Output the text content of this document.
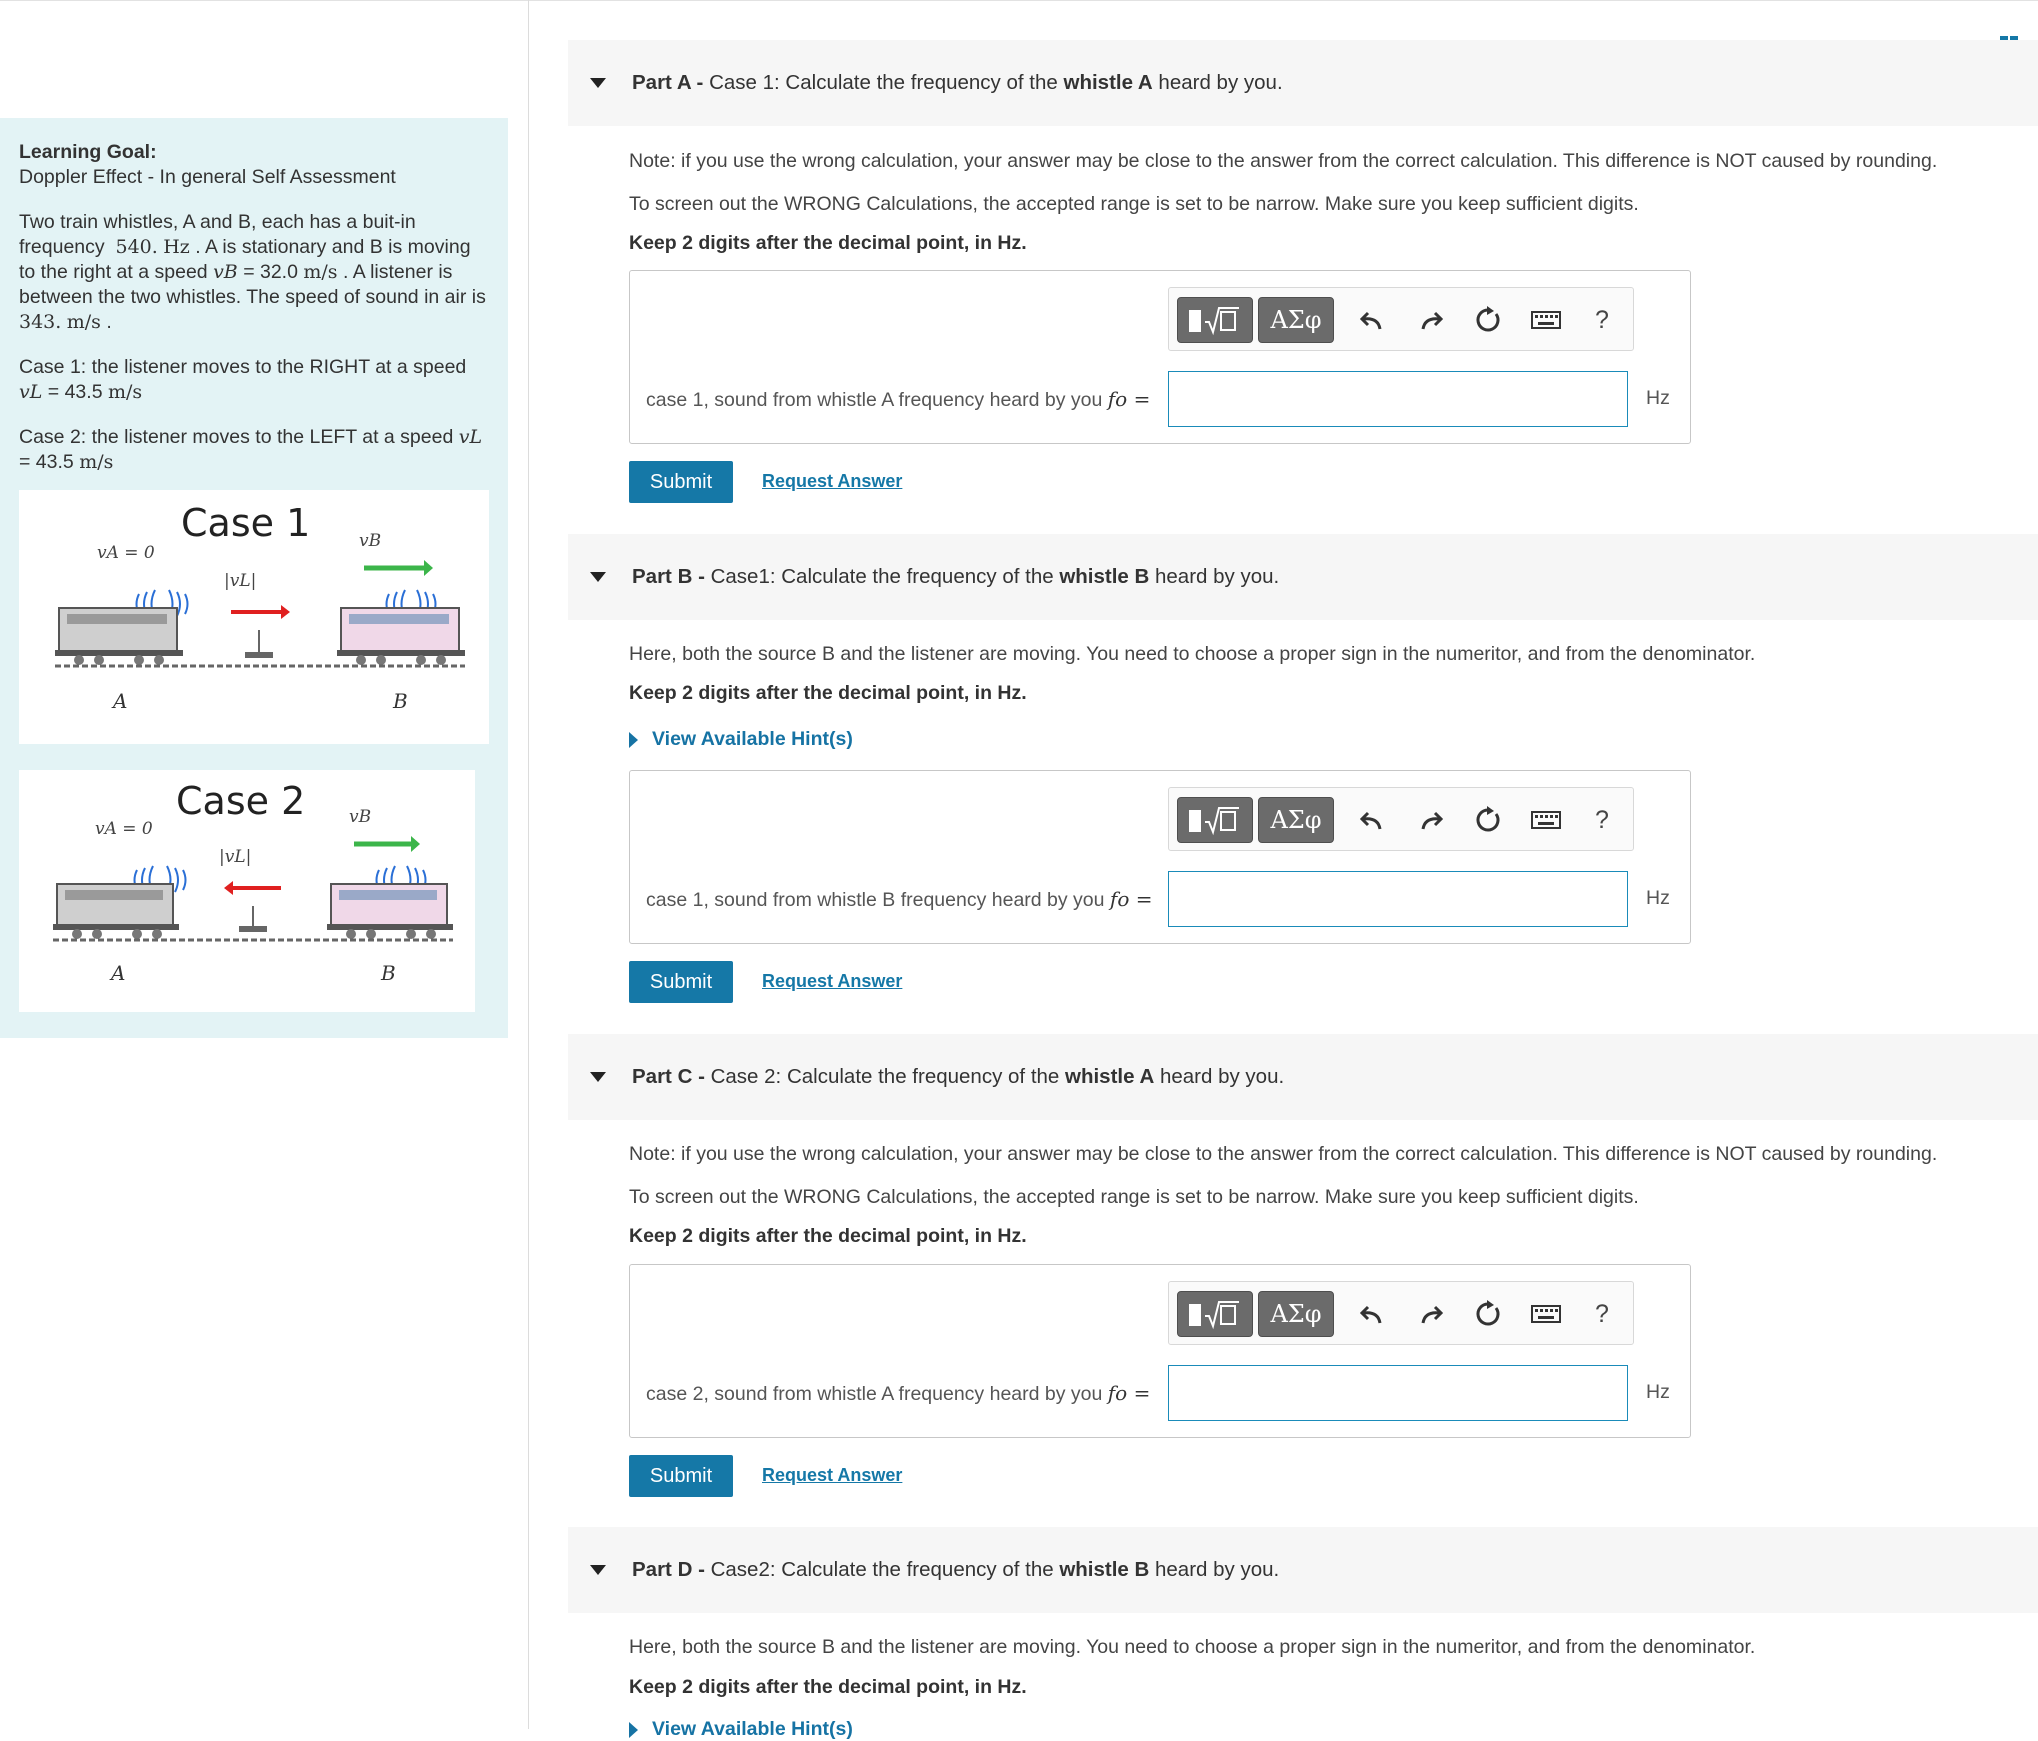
Learning Goal:

Doppler Effect - In general Self Assessment

Two train whistles, A and B, each has a buit-in

frequency 540. Hz . A is stationary and B is moving

to the right at a speed vB = 32.0 m/s . A listener is

between the two whistles. The speed of sound in air is

343. m/s .

Case 1: the listener moves to the RIGHT at a speed

vL = 43.5 m/s

Case 2: the listener moves to the LEFT at a speed vL

= 43.5 m/s

Case 1
vA = 0
|vL|
vB
A	B
Case 2
vA = 0
|vL|
vB
A	B
Part A - Case 1: Calculate the frequency of the whistle A heard by you.
Note: if you use the wrong calculation, your answer may be close to the answer from the correct calculation. This difference is NOT caused by rounding.
To screen out the WRONG Calculations, the accepted range is set to be narrow. Make sure you keep sufficient digits.
Keep 2 digits after the decimal point, in Hz.
ΑΣφ	?
case 1, sound from whistle A frequency heard by you fo =	Hz
Submit	Request Answer
Part B - Case1: Calculate the frequency of the whistle B heard by you.
Here, both the source B and the listener are moving. You need to choose a proper sign in the numeritor, and from the denominator.
Keep 2 digits after the decimal point, in Hz.
View Available Hint(s)
ΑΣφ	?
case 1, sound from whistle B frequency heard by you fo =	Hz
Submit	Request Answer
Part C - Case 2: Calculate the frequency of the whistle A heard by you.
Note: if you use the wrong calculation, your answer may be close to the answer from the correct calculation. This difference is NOT caused by rounding.
To screen out the WRONG Calculations, the accepted range is set to be narrow. Make sure you keep sufficient digits.
Keep 2 digits after the decimal point, in Hz.
ΑΣφ	?
case 2, sound from whistle A frequency heard by you fo =	Hz
Submit	Request Answer
Part D - Case2: Calculate the frequency of the whistle B heard by you.
Here, both the source B and the listener are moving. You need to choose a proper sign in the numeritor, and from the denominator.
Keep 2 digits after the decimal point, in Hz.
View Available Hint(s)
